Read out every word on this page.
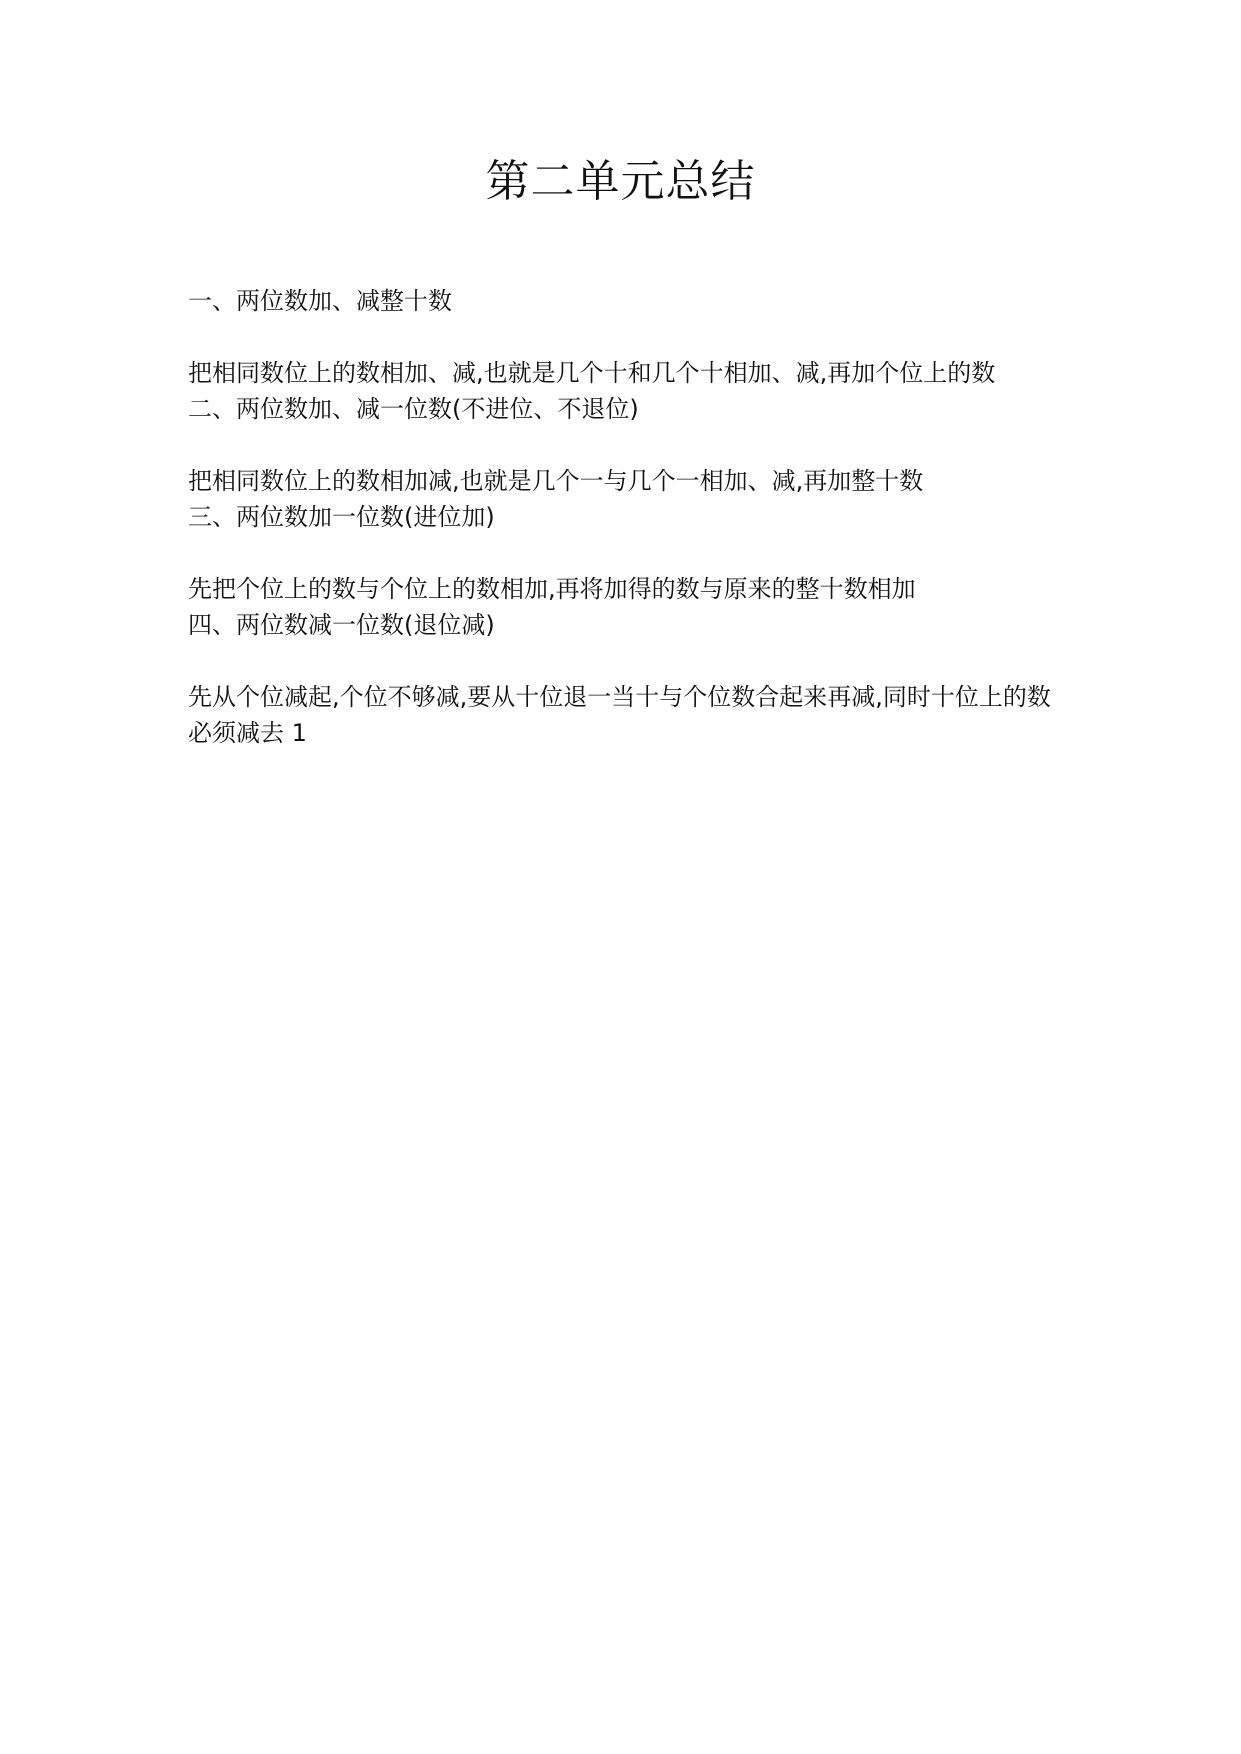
第二单元总结
一、两位数加、减整十数
把相同数位上的数相加、减,也就是几个十和几个十相加、减,再加个位上的数
二、两位数加、减一位数(不进位、不退位)
把相同数位上的数相加减,也就是几个一与几个一相加、减,再加整十数
三、两位数加一位数(进位加)
先把个位上的数与个位上的数相加,再将加得的数与原来的整十数相加
四、两位数减一位数(退位减)
先从个位减起,个位不够减,要从十位退一当十与个位数合起来再减,同时十位上的数必须减去 1
